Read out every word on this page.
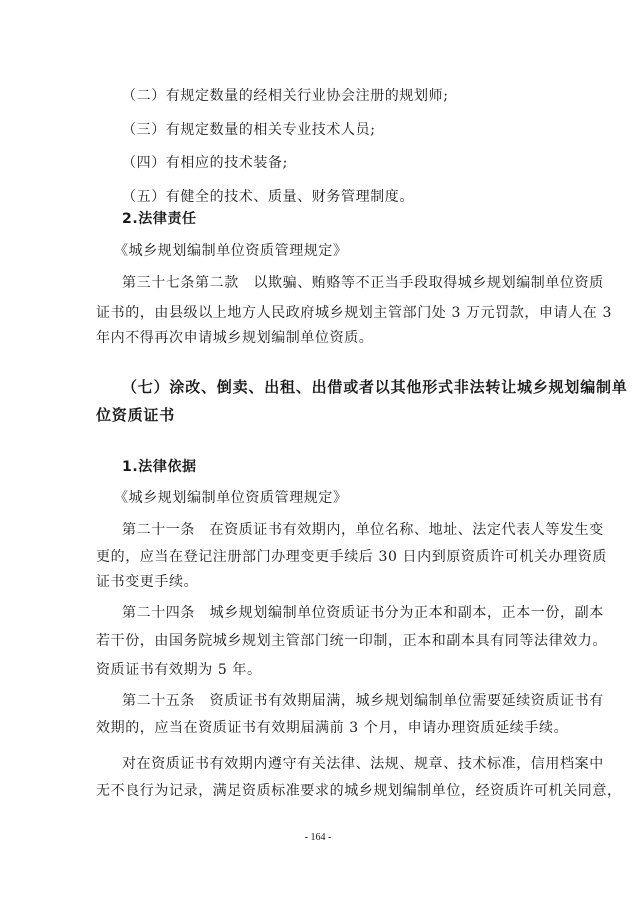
（二）有规定数量的经相关行业协会注册的规划师;
（三）有规定数量的相关专业技术人员;
（四）有相应的技术装备;
（五）有健全的技术、质量、财务管理制度。
2.法律责任
《城乡规划编制单位资质管理规定》
第三十七条第二款　以欺骗、贿赂等不正当手段取得城乡规划编制单位资质
证书的，由县级以上地方人民政府城乡规划主管部门处 3 万元罚款，申请人在 3
年内不得再次申请城乡规划编制单位资质。
（七）涂改、倒卖、出租、出借或者以其他形式非法转让城乡规划编制单
位资质证书
1.法律依据
《城乡规划编制单位资质管理规定》
第二十一条　在资质证书有效期内，单位名称、地址、法定代表人等发生变
更的，应当在登记注册部门办理变更手续后 30 日内到原资质许可机关办理资质
证书变更手续。
第二十四条　城乡规划编制单位资质证书分为正本和副本，正本一份，副本
若干份，由国务院城乡规划主管部门统一印制，正本和副本具有同等法律效力。
资质证书有效期为 5 年。
第二十五条　资质证书有效期届满，城乡规划编制单位需要延续资质证书有
效期的，应当在资质证书有效期届满前 3 个月，申请办理资质延续手续。
对在资质证书有效期内遵守有关法律、法规、规章、技术标准，信用档案中
无不良行为记录，满足资质标准要求的城乡规划编制单位，经资质许可机关同意，
- 164 -
